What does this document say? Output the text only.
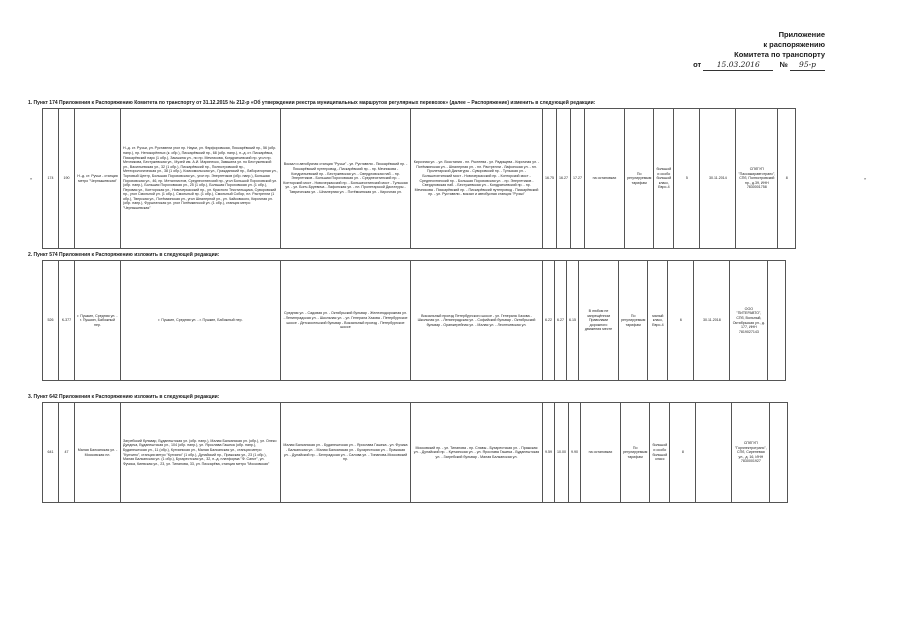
Приложение
к распоряжению
Комитета по транспорту
от 15.03.2016	№ 95-р
1. Пункт 174 Приложения к Распоряжению Комитета по транспорту от 31.12.2015 № 212-р «Об утверждении реестра муниципальных маршрутов регулярных перевозок» (далее – Распоряжение) изменить в следующей редакции:
«	174	190	Н.-д. ст. Ручьи - станция метро "Чернышевская"	Н.-д. ст. Ручьи, ул. Руставели угол пр. Науки, ул. Фарфоровская, Пискарёвский пр., 56 (обр. напр.), пр. Непокорённых (к. обр.), Пискарёвский пр., 68 (обр. напр.), н.-д. ст. Пискарёвка, Пискарёвский парк (1 обр.), Замшина ул., по пр. Мечникова, Кондратьевский пр. угол пр. Мечникова, Бестужевская ул., Музей им. А.И. Маринеско, Замшина ул. по Бестужевской ул., Васильевская ул., 32 (1 обр.), Пискарёвский пр., Полюстровский пр., Метеорологическая ул., 38 (1 обр.), Комсомольская ул., Гражданский пр., Лабораторная ул., Торговый Центр, Большая Пороховская ул., угол пр. Энергетиков (обр. напр.), Большая Пороховская ул., 46, пр. Металлистов, Среднеохтинский пр., угол Большой Пороховской ул. (обр. напр.), Большая Пороховская ул., 25 (1 обр.), Большая Пороховская ул. (1 обр.), Перовая ул., Конторская ул., Новочеркасский пр., ул. Красного Текстильщика, Суворовский пр., угол Смольной ул. (1 обр.), Смольный пр. (1 обр.), Смольный Собор, пл. Растрелли (1 обр.), Тверская ул., Потёмкинская ул., угол Шпалерной ул., ул. Чайковского, Кирочная ул. (обр. напр.), Фурштатская ул. угол Потёмкинской ул. (1 обр.), станция метро "Чернышевская"	Вокзал и автобусная станция "Ручьи" - ул. Руставели - Пискарёвский пр. - Пискарёвский путепровод - Пискарёвский пр. - пр. Мечникова - Кондратьевский пр. - Бестужевская ул. - Свердловская наб. - пр. Энергетиков - Большая Пороховская ул. - Среднеохтинский пр. - Конторский мост - Новочеркасский пр. - Большеохтинский мост - Тульская ул. - ул. Бонч-Бруевича - Лафонская ул. - пл. Пролетарской Диктатуры - Таврическая ул. - Шпалерная ул. - Потёмкинская ул. - Кирочная ул.	Кирочная ул. - ул. Восстания - пл. Рылеева - ул. Радищева - Кирочная ул. - Потёмкинская ул. - Шпалерная ул. - пл. Растрелли - Лафонская ул. - пл. Пролетарской Диктатуры - Суворовский пр. - Тульская ул. - Большеохтинский мост - Новочеркасский пр. - Конторский мост - Среднеохтинский пр. - Большая Пороховская ул. - пр. Энергетиков - Свердловская наб. - Бестужевская ул. - Кондратьевский пр. - пр. Мечникова - Пискарёвский пр. - Пискарёвский путепровод - Пискарёвский пр. - ул. Руставели - вокзал и автобусная станция "Ручьи"	16.75	16.27	17.27	на остановках	По регулируемым тарифам	большой и особо большой класс, Евро-4	5	30.11.2014	СПбГУП "Пассажиравтотранс", СПб, Полюстровский пр., д.39, ИНН 7830001758	8	»
2. Пункт 574 Приложения к Распоряжению изложить в следующей редакции:
526	К-377	г. Пушкин, Средняя ул. - г. Пушкин, Бабожный пер.	г. Пушкин, Средняя ул. - г. Пушкин, Бабожный пер.	Средняя ул. - Садовая ул. - Октябрьский бульвар - Железнодорожная ул. - Ленинградская ул. - Школьная ул. - ул. Генерала Хазова - Петербургское шоссе - Детскосельский бульвар - Вокзальный проезд - Петербургское шоссе	Вокзальный проезд Петербургского шоссе - ул. Генерала Хазова - Школьная ул. - Ленинградская ул. - Софийский бульвар - Октябрьский бульвар - Оранжерейная ул. - Малая ул. - Леонтьевская ул.	6.22	6.27	6.15	В любом не запрещённом Правилами дорожного движения месте	По регулируемым тарифам	малый класс, Евро-4	6	30.11.2018	ООО "ПИТЕРАВТО", СПб, Вольный, Октябрьская ул., д. 177, ИНН 7819027143	
3. Пункт 642 Приложения к Распоряжению изложить в следующей редакции:
641	47	Малая Балканская ул. - Московская пл.	Загребский бульвар, Будапештская ул. (обр. напр.), Малая Балканская ул. (обр.), ул. Олеко Дундича, Будапештская ул., 104 (обр. напр.), ул. Ярослава Гашека (обр. напр.), Будапештская ул., 11 (обр.), Купчинская ул., Малая Балканская ул., станция метро "Купчино", станция метро "Купчино" (1 обр.), Дунайский пр., Пражская ул., 23 (1 обр.), Малая Балканская ул. (1 обр.), Бухарестская ул., 32, н.-д. платформа "Ф. Санкт", ул. Фучика, Киевская ул., 23, ул. Типанова, 33, ул. Пискарёва, станция метро "Московская"	Малая Балканская ул. - Будапештская ул. - Ярослава Гашека - ул. Фучика - Балканская ул. - Малая Балканская ул. - Бухарестская ул. - Пражская ул. - Дунайский пр. - Белградская ул. - Салова ул. - Типанова-Московский пр.	Московский пр. - ул. Типанова - пр. Славы - Бухарестская ул. - Пражская ул. - Дунайский пр. - Купчинская ул. - ул. Ярослава Гашека - Будапештская ул. - Загребский бульвар - Малая Балканская ул.	9.59	10.00	9.90	на остановках	По регулируемым тарифам	большой и особо большой класс	8		СПбГУП "Горэлектротранс", СПб, Сиреневая ул., д. 16, ИНН 7830001927	
